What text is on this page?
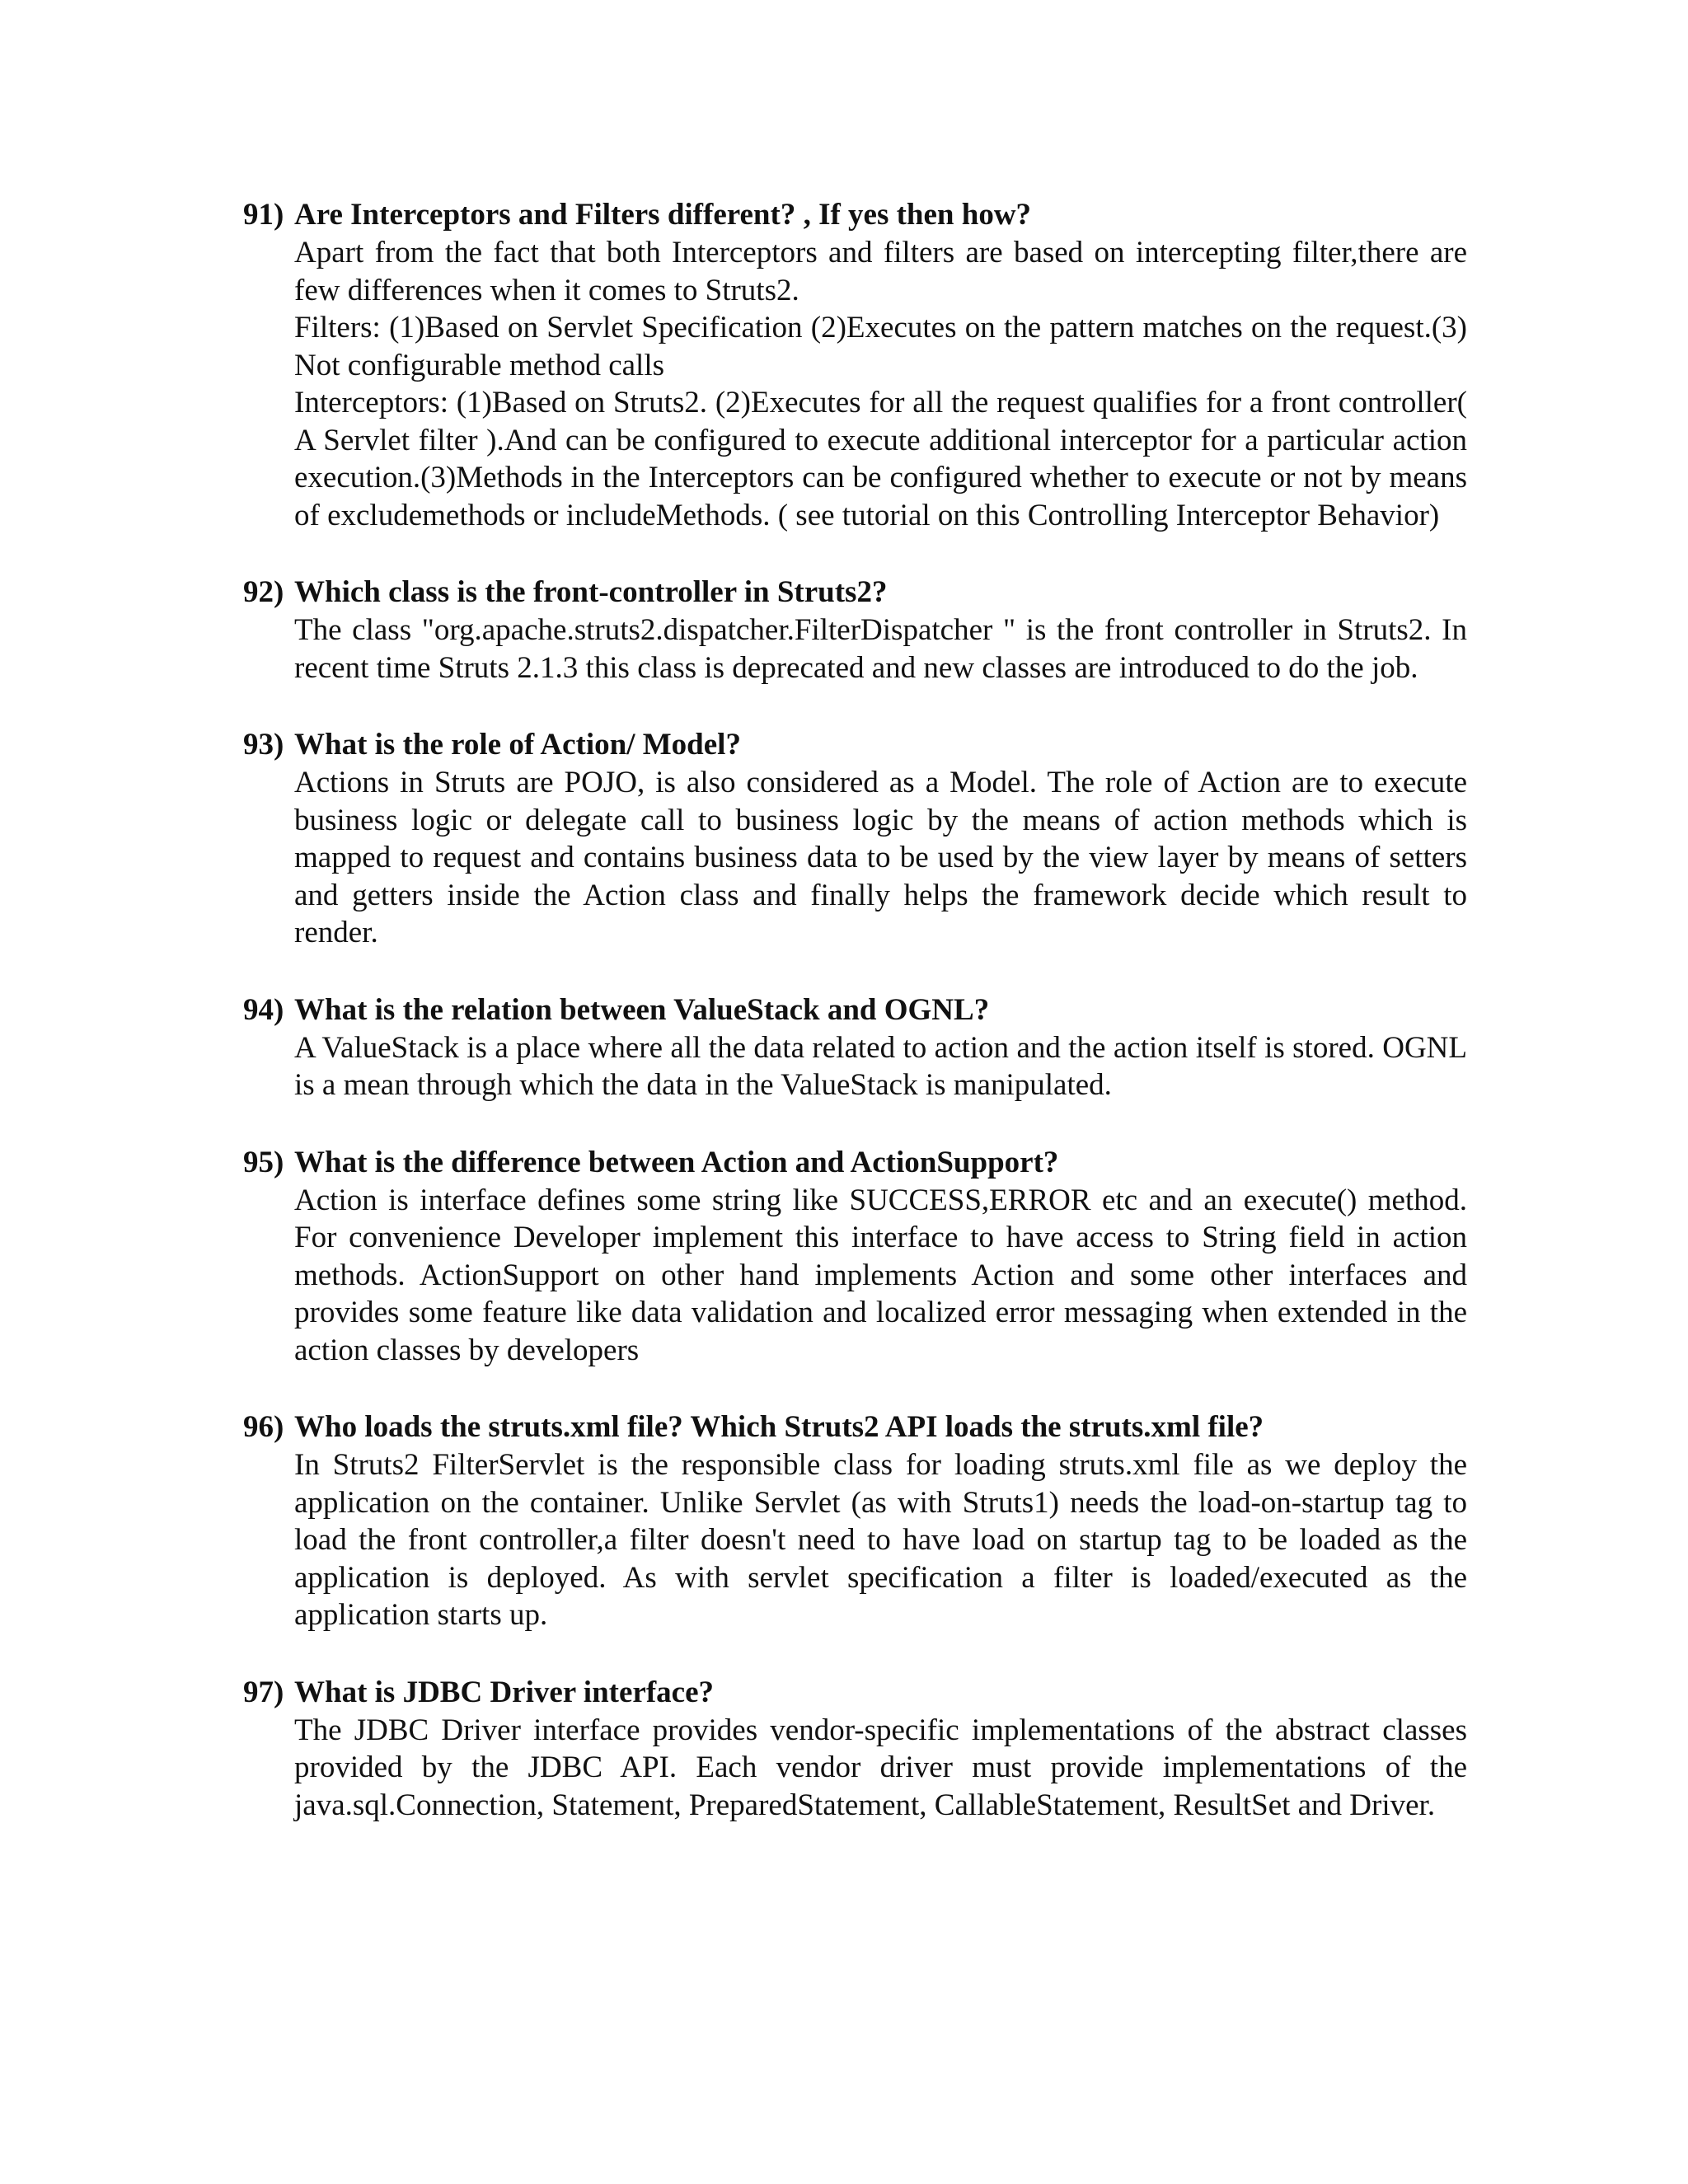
91) Are Interceptors and Filters different? , If yes then how?

Apart from the fact that both Interceptors and filters are based on intercepting filter,there are few differences when it comes to Struts2.

Filters: (1)Based on Servlet Specification (2)Executes on the pattern matches on the request.(3) Not configurable method calls

Interceptors: (1)Based on Struts2. (2)Executes for all the request qualifies for a front controller( A Servlet filter ).And can be configured to execute additional interceptor for a particular action execution.(3)Methods in the Interceptors can be configured whether to execute or not by means of excludemethods or includeMethods. ( see tutorial on this Controlling Interceptor Behavior)

92) Which class is the front-controller in Struts2?

The class "org.apache.struts2.dispatcher.FilterDispatcher " is the front controller in Struts2. In recent time Struts 2.1.3 this class is deprecated and new classes are introduced to do the job.

93) What is the role of Action/ Model?

Actions in Struts are POJO, is also considered as a Model. The role of Action are to execute business logic or delegate call to business logic by the means of action methods which is mapped to request and contains business data to be used by the view layer by means of setters and getters inside the Action class and finally helps the framework decide which result to render.

94) What is the relation between ValueStack and OGNL?

A ValueStack is a place where all the data related to action and the action itself is stored. OGNL is a mean through which the data in the ValueStack is manipulated.

95) What is the difference between Action and ActionSupport?

Action is interface defines some string like SUCCESS,ERROR etc and an execute() method. For convenience Developer implement this interface to have access to String field in action methods. ActionSupport on other hand implements Action and some other interfaces and provides some feature like data validation and localized error messaging when extended in the action classes by developers

96) Who loads the struts.xml file? Which Struts2 API loads the struts.xml file?

In Struts2 FilterServlet is the responsible class for loading struts.xml file as we deploy the application on the container. Unlike Servlet (as with Struts1) needs the load-on-startup tag to load the front controller,a filter doesn't need to have load on startup tag to be loaded as the application is deployed. As with servlet specification a filter is loaded/executed as the application starts up.

97) What is JDBC Driver interface?

The JDBC Driver interface provides vendor-specific implementations of the abstract classes provided by the JDBC API. Each vendor driver must provide implementations of the java.sql.Connection, Statement, PreparedStatement, CallableStatement, ResultSet and Driver.
